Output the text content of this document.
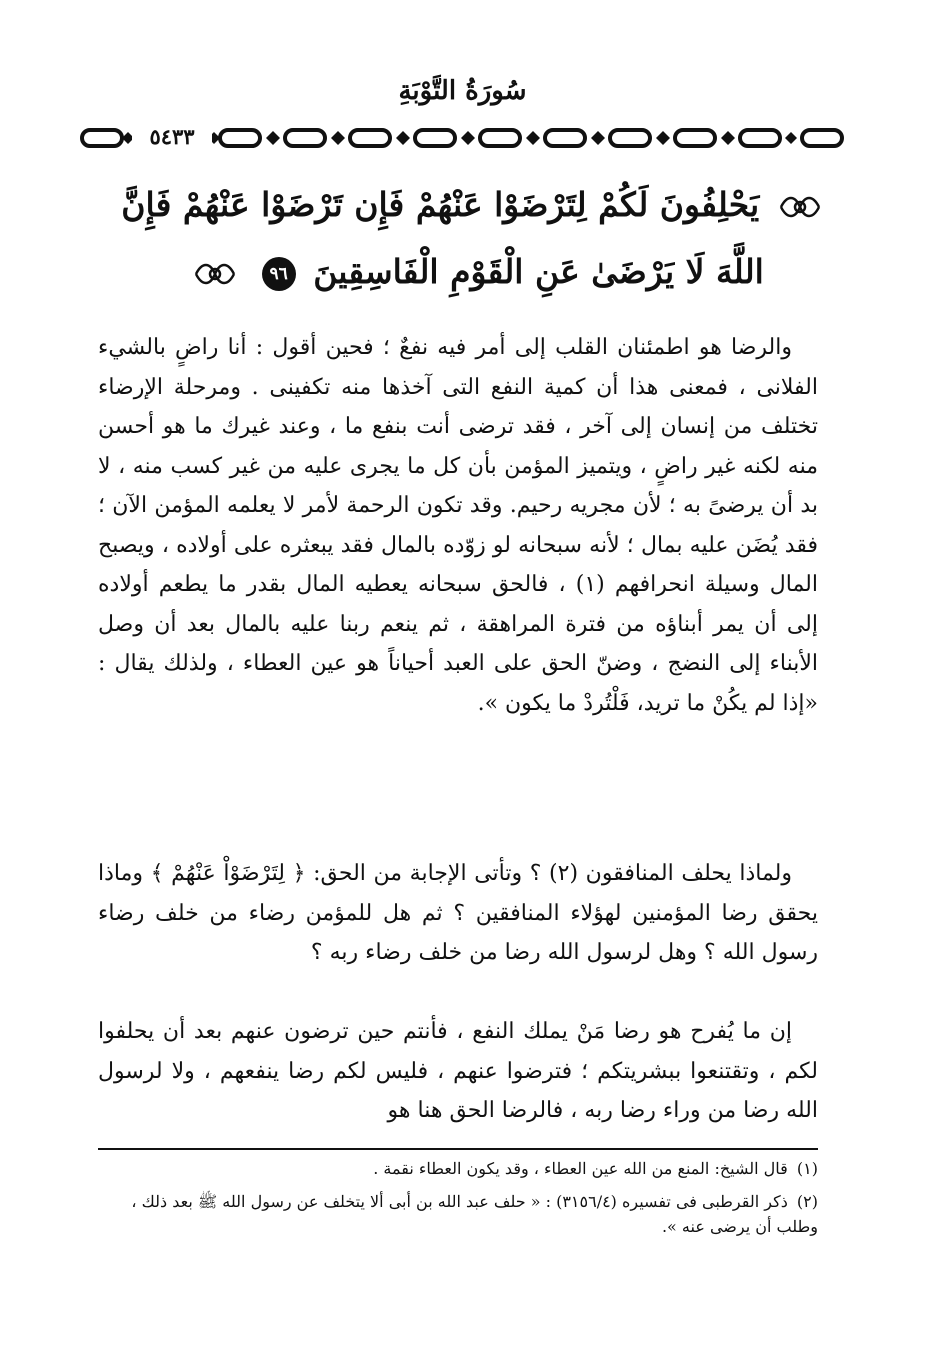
سُورَةُ التَّوْبَةِ
٥٤٣٣
يَحْلِفُونَ لَكُمْ لِتَرْضَوْا عَنْهُمْ فَإِن تَرْضَوْا عَنْهُمْ فَإِنَّ
اللَّهَ لَا يَرْضَىٰ عَنِ الْقَوْمِ الْفَاسِقِينَ ٩٦

والرضا هو اطمئنان القلب إلى أمر فيه نفعٌ ؛ فحين أقول : أنا راضٍ بالشيء الفلانى ، فمعنى هذا أن كمية النفع التى آخذها منه تكفينى . ومرحلة الإرضاء تختلف من إنسان إلى آخر ، فقد ترضى أنت بنفع ما ، وعند غيرك ما هو أحسن منه لكنه غير راضٍ ، ويتميز المؤمن بأن كل ما يجرى عليه من غير كسب منه ، لا بد أن يرضىً به ؛ لأن مجريه رحيم. وقد تكون الرحمة لأمر لا يعلمه المؤمن الآن ؛ فقد يُضَن عليه بمال ؛ لأنه سبحانه لو زوّده بالمال فقد يبعثره على أولاده ، ويصبح المال وسيلة انحرافهم (١) ، فالحق سبحانه يعطيه المال بقدر ما يطعم أولاده إلى أن يمر أبناؤه من فترة المراهقة ، ثم ينعم ربنا عليه بالمال بعد أن وصل الأبناء إلى النضج ، وضنّ الحق على العبد أحياناً هو عين العطاء ، ولذلك يقال : «إذا لم يكُنْ ما تريد، فَلْتُردْ ما يكون ».

ولماذا يحلف المنافقون (٢) ؟ وتأتى الإجابة من الحق: ﴿ لِتَرْضَوْاْ عَنْهُمْ ﴾ وماذا يحقق رضا المؤمنين لهؤلاء المنافقين ؟ ثم هل للمؤمن رضاء من خلف رضاء رسول الله ؟ وهل لرسول الله رضا من خلف رضاء ربه ؟

إن ما يُفرح هو رضا مَنْ يملك النفع ، فأنتم حين ترضون عنهم بعد أن يحلفوا لكم ، وتقتنعوا ببشريتكم ؛ فترضوا عنهم ، فليس لكم رضا ينفعهم ، ولا لرسول الله رضا من وراء رضا ربه ، فالرضا الحق هنا هو

(١) قال الشيخ: المنع من الله عين العطاء ، وقد يكون العطاء نقمة .

(٢) ذكر القرطبى فى تفسيره (٣١٥٦/٤) : « حلف عبد الله بن أبى ألا يتخلف عن رسول الله ﷺ بعد ذلك ، وطلب أن يرضى عنه ».
